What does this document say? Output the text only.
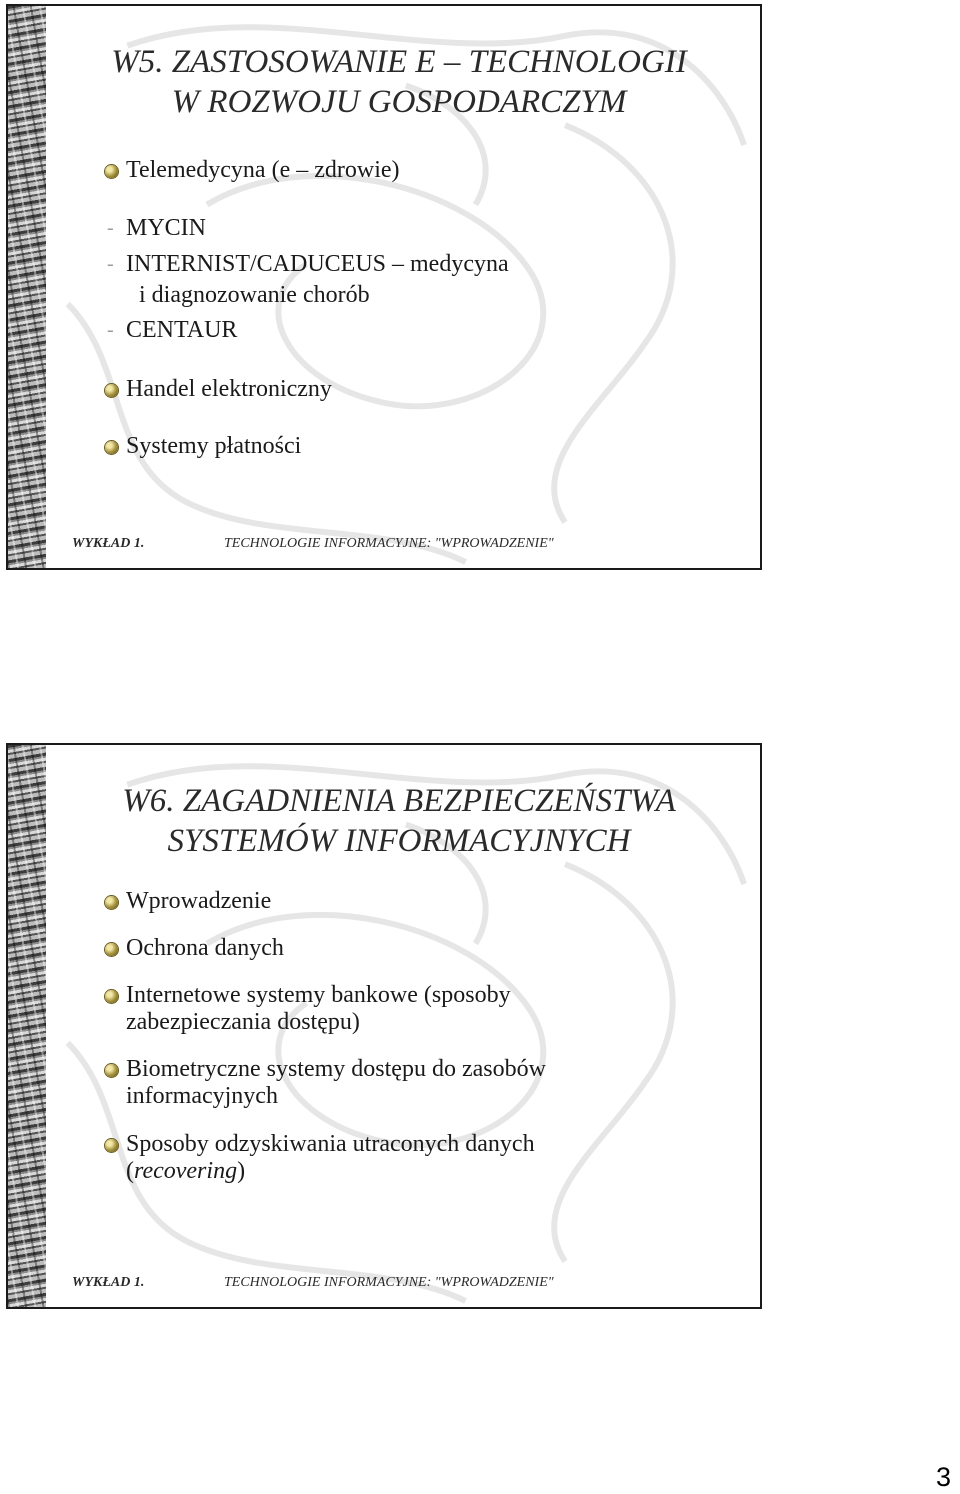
W5. ZASTOSOWANIE E – TECHNOLOGII
W ROZWOJU GOSPODARCZYM
Telemedycyna (e – zdrowie)
- MYCIN
- INTERNIST/CADUCEUS – medycyna
i diagnozowanie chorób
- CENTAUR
Handel elektroniczny
Systemy płatności
WYKŁAD 1.	TECHNOLOGIE INFORMACYJNE: "WPROWADZENIE"
W6. ZAGADNIENIA BEZPIECZEŃSTWA
SYSTEMÓW INFORMACYJNYCH
Wprowadzenie
Ochrona danych
Internetowe systemy bankowe (sposoby
zabezpieczania dostępu)
Biometryczne systemy dostępu do zasobów
informacyjnych
Sposoby odzyskiwania utraconych danych
(recovering)
WYKŁAD 1.	TECHNOLOGIE INFORMACYJNE: "WPROWADZENIE"
3
